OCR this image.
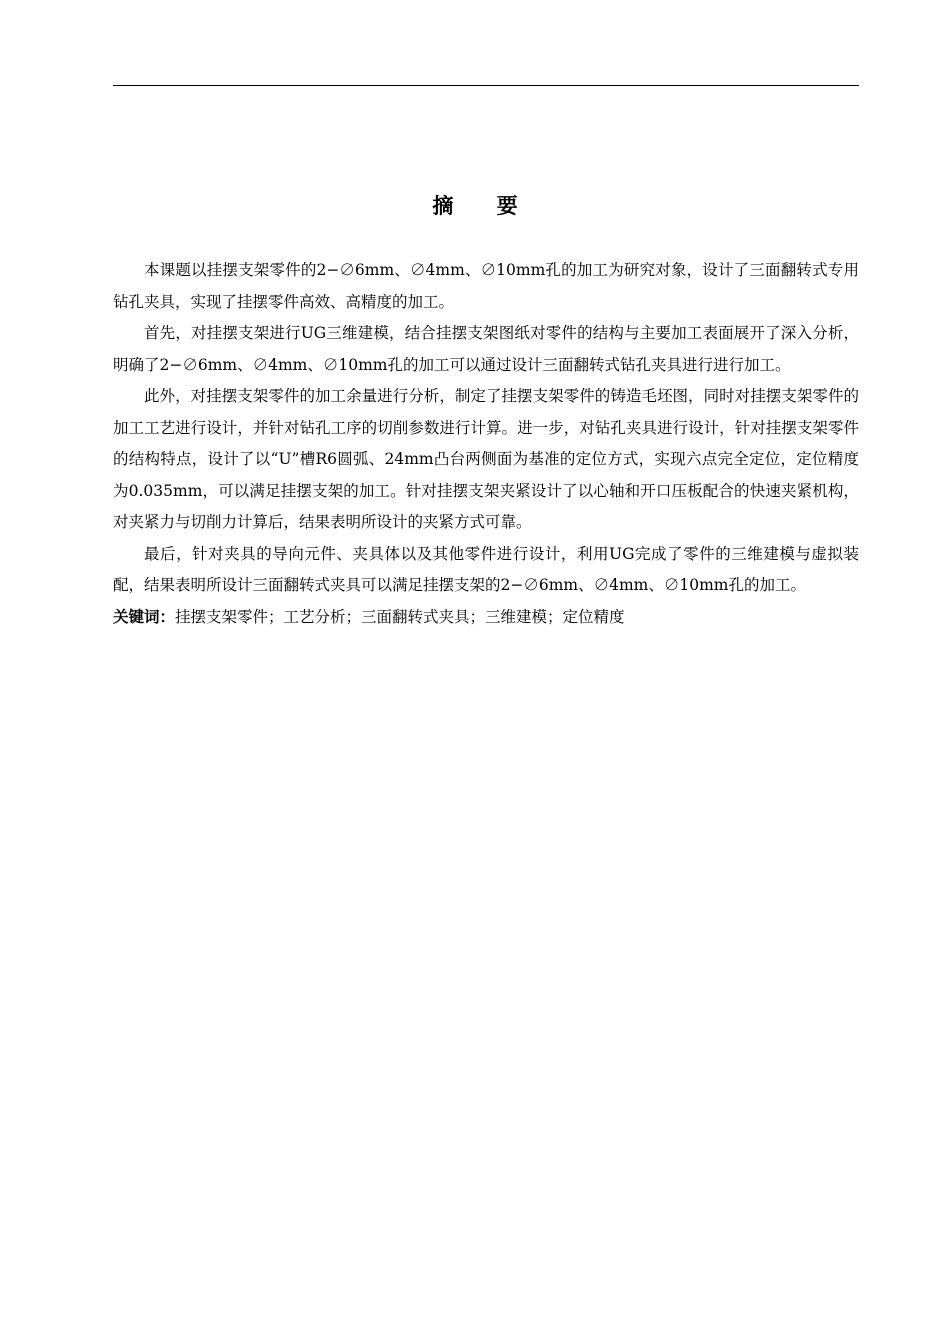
摘 要

本课题以挂摆支架零件的2−∅6mm、∅4mm、∅10mm孔的加工为研究对象，设计了三面翻转式专用钻孔夹具，实现了挂摆零件高效、高精度的加工。

首先，对挂摆支架进行UG三维建模，结合挂摆支架图纸对零件的结构与主要加工表面展开了深入分析，明确了2−∅6mm、∅4mm、∅10mm孔的加工可以通过设计三面翻转式钻孔夹具进行进行加工。

此外，对挂摆支架零件的加工余量进行分析，制定了挂摆支架零件的铸造毛坯图，同时对挂摆支架零件的加工工艺进行设计，并针对钻孔工序的切削参数进行计算。进一步，对钻孔夹具进行设计，针对挂摆支架零件的结构特点，设计了以“U”槽R6圆弧、24mm凸台两侧面为基准的定位方式，实现六点完全定位，定位精度为0.035mm，可以满足挂摆支架的加工。针对挂摆支架夹紧设计了以心轴和开口压板配合的快速夹紧机构，对夹紧力与切削力计算后，结果表明所设计的夹紧方式可靠。

最后，针对夹具的导向元件、夹具体以及其他零件进行设计，利用UG完成了零件的三维建模与虚拟装配，结果表明所设计三面翻转式夹具可以满足挂摆支架的2−∅6mm、∅4mm、∅10mm孔的加工。

关键词：挂摆支架零件；工艺分析；三面翻转式夹具；三维建模；定位精度
